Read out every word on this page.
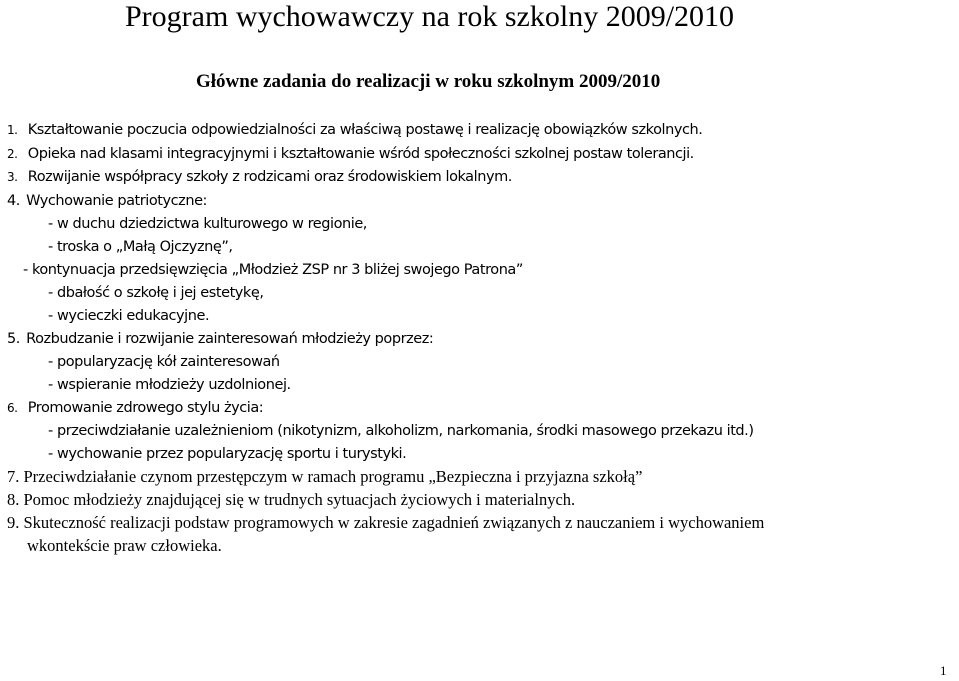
Program wychowawczy na rok szkolny 2009/2010
Główne zadania do realizacji w roku szkolnym 2009/2010
1. Kształtowanie poczucia odpowiedzialności za właściwą postawę i realizację obowiązków szkolnych.
2. Opieka nad klasami integracyjnymi i kształtowanie wśród społeczności szkolnej postaw tolerancji.
3. Rozwijanie współpracy szkoły z rodzicami oraz środowiskiem lokalnym.
4. Wychowanie patriotyczne:
- w duchu dziedzictwa kulturowego w regionie,
- troska o „Małą Ojczyznę”,
- kontynuacja przedsięwzięcia „Młodzież ZSP nr 3 bliżej swojego Patrona”
- dbałość o szkołę i jej estetykę,
- wycieczki edukacyjne.
5. Rozbudzanie i rozwijanie zainteresowań młodzieży poprzez:
- popularyzację kół zainteresowań
- wspieranie młodzieży uzdolnionej.
6. Promowanie zdrowego stylu życia:
- przeciwdziałanie uzależnieniom (nikotynizm, alkoholizm, narkomania, środki masowego przekazu itd.)
- wychowanie przez popularyzację sportu i turystyki.
7. Przeciwdziałanie czynom przestępczym w ramach programu „Bezpieczna i przyjazna szkołą”
8. Pomoc młodzieży znajdującej się w trudnych sytuacjach życiowych i materialnych.
9. Skuteczność realizacji podstaw programowych w zakresie zagadnień związanych z nauczaniem i wychowaniem
wkontekście praw człowieka.
1
